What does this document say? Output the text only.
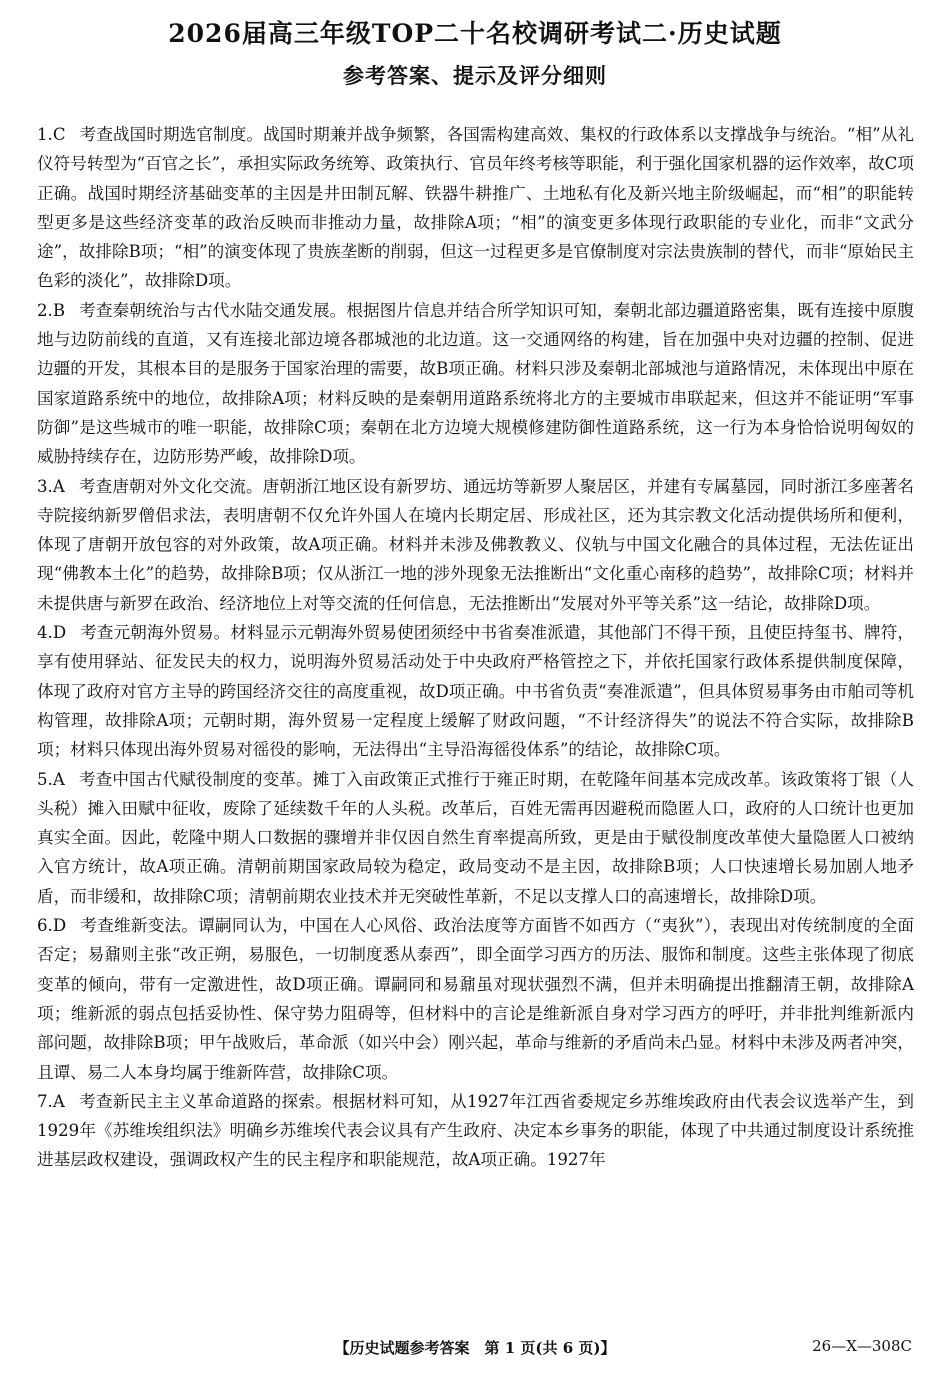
2026届高三年级TOP二十名校调研考试二·历史试题
参考答案、提示及评分细则

1.C 考查战国时期选官制度。战国时期兼并战争频繁，各国需构建高效、集权的行政体系以支撑战争与统治。“相”从礼仪符号转型为“百官之长”，承担实际政务统筹、政策执行、官员年终考核等职能，利于强化国家机器的运作效率，故C项正确。战国时期经济基础变革的主因是井田制瓦解、铁器牛耕推广、土地私有化及新兴地主阶级崛起，而“相”的职能转型更多是这些经济变革的政治反映而非推动力量，故排除A项；“相”的演变更多体现行政职能的专业化，而非“文武分途”，故排除B项；“相”的演变体现了贵族垄断的削弱，但这一过程更多是官僚制度对宗法贵族制的替代，而非“原始民主色彩的淡化”，故排除D项。

2.B 考查秦朝统治与古代水陆交通发展。根据图片信息并结合所学知识可知，秦朝北部边疆道路密集，既有连接中原腹地与边防前线的直道，又有连接北部边境各郡城池的北边道。这一交通网络的构建，旨在加强中央对边疆的控制、促进边疆的开发，其根本目的是服务于国家治理的需要，故B项正确。材料只涉及秦朝北部城池与道路情况，未体现出中原在国家道路系统中的地位，故排除A项；材料反映的是秦朝用道路系统将北方的主要城市串联起来，但这并不能证明“军事防御”是这些城市的唯一职能，故排除C项；秦朝在北方边境大规模修建防御性道路系统，这一行为本身恰恰说明匈奴的威胁持续存在，边防形势严峻，故排除D项。

3.A 考查唐朝对外文化交流。唐朝浙江地区设有新罗坊、通远坊等新罗人聚居区，并建有专属墓园，同时浙江多座著名寺院接纳新罗僧侣求法，表明唐朝不仅允许外国人在境内长期定居、形成社区，还为其宗教文化活动提供场所和便利，体现了唐朝开放包容的对外政策，故A项正确。材料并未涉及佛教教义、仪轨与中国文化融合的具体过程，无法佐证出现“佛教本土化”的趋势，故排除B项；仅从浙江一地的涉外现象无法推断出“文化重心南移的趋势”，故排除C项；材料并未提供唐与新罗在政治、经济地位上对等交流的任何信息，无法推断出“发展对外平等关系”这一结论，故排除D项。

4.D 考查元朝海外贸易。材料显示元朝海外贸易使团须经中书省奏准派遣，其他部门不得干预，且使臣持玺书、牌符，享有使用驿站、征发民夫的权力，说明海外贸易活动处于中央政府严格管控之下，并依托国家行政体系提供制度保障，体现了政府对官方主导的跨国经济交往的高度重视，故D项正确。中书省负责“奏准派遣”，但具体贸易事务由市舶司等机构管理，故排除A项；元朝时期，海外贸易一定程度上缓解了财政问题，“不计经济得失”的说法不符合实际，故排除B项；材料只体现出海外贸易对徭役的影响，无法得出“主导沿海徭役体系”的结论，故排除C项。

5.A 考查中国古代赋役制度的变革。摊丁入亩政策正式推行于雍正时期，在乾隆年间基本完成改革。该政策将丁银（人头税）摊入田赋中征收，废除了延续数千年的人头税。改革后，百姓无需再因避税而隐匿人口，政府的人口统计也更加真实全面。因此，乾隆中期人口数据的骤增并非仅因自然生育率提高所致，更是由于赋役制度改革使大量隐匿人口被纳入官方统计，故A项正确。清朝前期国家政局较为稳定，政局变动不是主因，故排除B项；人口快速增长易加剧人地矛盾，而非缓和，故排除C项；清朝前期农业技术并无突破性革新，不足以支撑人口的高速增长，故排除D项。

6.D 考查维新变法。谭嗣同认为，中国在人心风俗、政治法度等方面皆不如西方（“夷狄”），表现出对传统制度的全面否定；易鼐则主张“改正朔，易服色，一切制度悉从泰西”，即全面学习西方的历法、服饰和制度。这些主张体现了彻底变革的倾向，带有一定激进性，故D项正确。谭嗣同和易鼐虽对现状强烈不满，但并未明确提出推翻清王朝，故排除A项；维新派的弱点包括妥协性、保守势力阻碍等，但材料中的言论是维新派自身对学习西方的呼吁，并非批判维新派内部问题，故排除B项；甲午战败后，革命派（如兴中会）刚兴起，革命与维新的矛盾尚未凸显。材料中未涉及两者冲突，且谭、易二人本身均属于维新阵营，故排除C项。

7.A 考查新民主主义革命道路的探索。根据材料可知，从1927年江西省委规定乡苏维埃政府由代表会议选举产生，到1929年《苏维埃组织法》明确乡苏维埃代表会议具有产生政府、决定本乡事务的职能，体现了中共通过制度设计系统推进基层政权建设，强调政权产生的民主程序和职能规范，故A项正确。1927年

【历史试题参考答案　第 1 页(共 6 页)】	26—X—308C
